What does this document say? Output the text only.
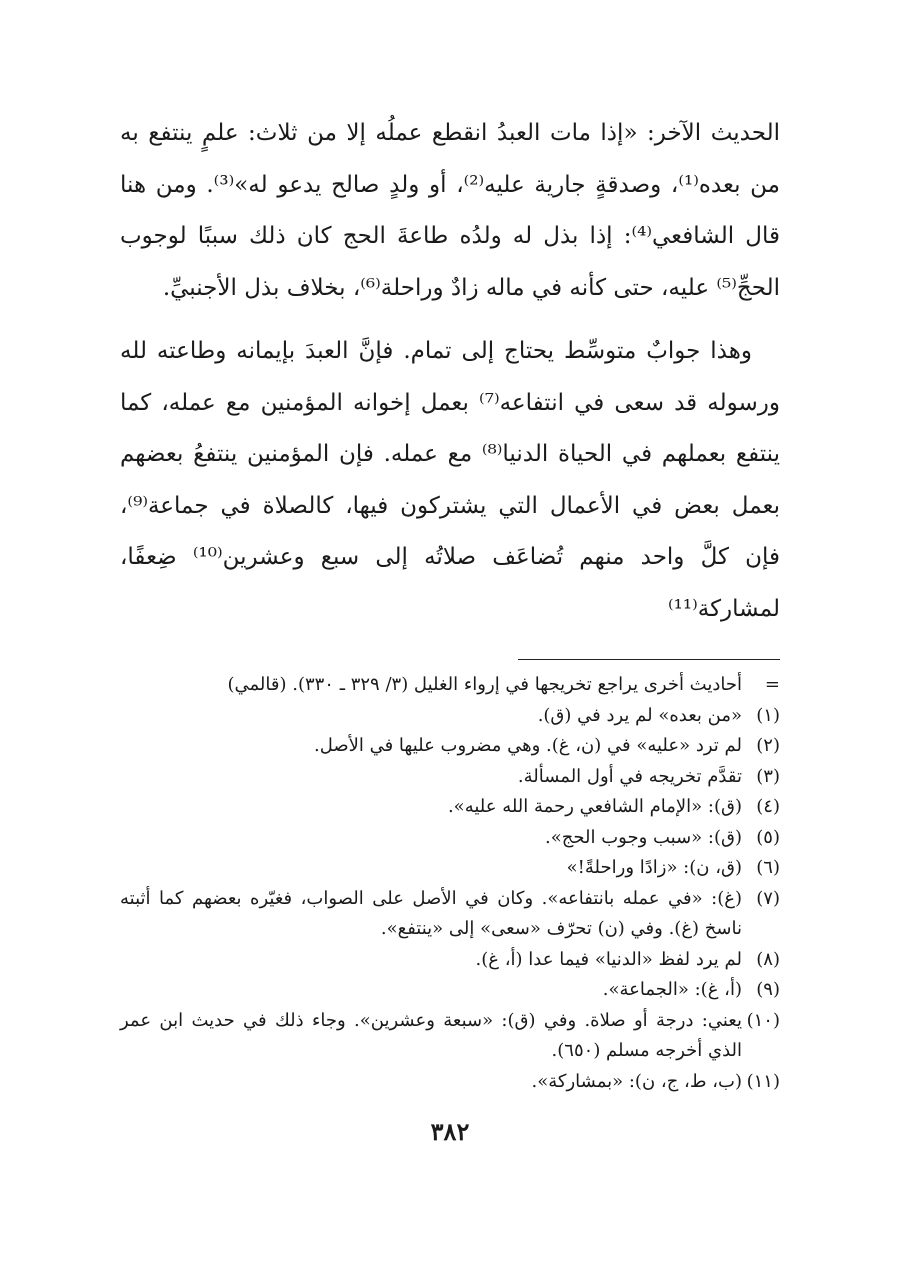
الحديث الآخر: «إذا مات العبدُ انقطع عملُه إلا من ثلاث: علمٍ ينتفع به من بعده⁽¹⁾، وصدقةٍ جارية عليه⁽²⁾، أو ولدٍ صالح يدعو له»⁽³⁾. ومن هنا قال الشافعي⁽⁴⁾: إذا بذل له ولدُه طاعةَ الحج كان ذلك سببًا لوجوب الحجِّ⁽⁵⁾ عليه، حتى كأنه في ماله زادٌ وراحلة⁽⁶⁾، بخلاف بذل الأجنبيِّ.

وهذا جوابٌ متوسِّط يحتاج إلى تمام. فإنَّ العبدَ بإيمانه وطاعته لله ورسوله قد سعى في انتفاعه⁽⁷⁾ بعمل إخوانه المؤمنين مع عمله، كما ينتفع بعملهم في الحياة الدنيا⁽⁸⁾ مع عمله. فإن المؤمنين ينتفعُ بعضهم بعمل بعض في الأعمال التي يشتركون فيها، كالصلاة في جماعة⁽⁹⁾، فإن كلَّ واحد منهم تُضاعَف صلاتُه إلى سبع وعشرين⁽¹⁰⁾ ضِعفًا، لمشاركة⁽¹¹⁾

=
أحاديث أخرى يراجع تخريجها في إرواء الغليل (٣/ ٣٢٩ ـ ٣٣٠). (قالمي)
(١)
«من بعده» لم يرد في (ق).
(٢)
لم ترد «عليه» في (ن، غ). وهي مضروب عليها في الأصل.
(٣)
تقدَّم تخريجه في أول المسألة.
(٤)
(ق): «الإمام الشافعي رحمة الله عليه».
(٥)
(ق): «سبب وجوب الحج».
(٦)
(ق، ن): «زادًا وراحلةً!»
(٧)
(غ): «في عمله بانتفاعه». وكان في الأصل على الصواب، فغيّره بعضهم كما أثبته ناسخ (غ). وفي (ن) تحرّف «سعى» إلى «ينتفع».
(٨)
لم يرد لفظ «الدنيا» فيما عدا (أ، غ).
(٩)
(أ، غ): «الجماعة».
(١٠)
يعني: درجة أو صلاة. وفي (ق): «سبعة وعشرين». وجاء ذلك في حديث ابن عمر الذي أخرجه مسلم (٦٥٠).
(١١)
(ب، ط، ج، ن): «بمشاركة».
٣٨٢
